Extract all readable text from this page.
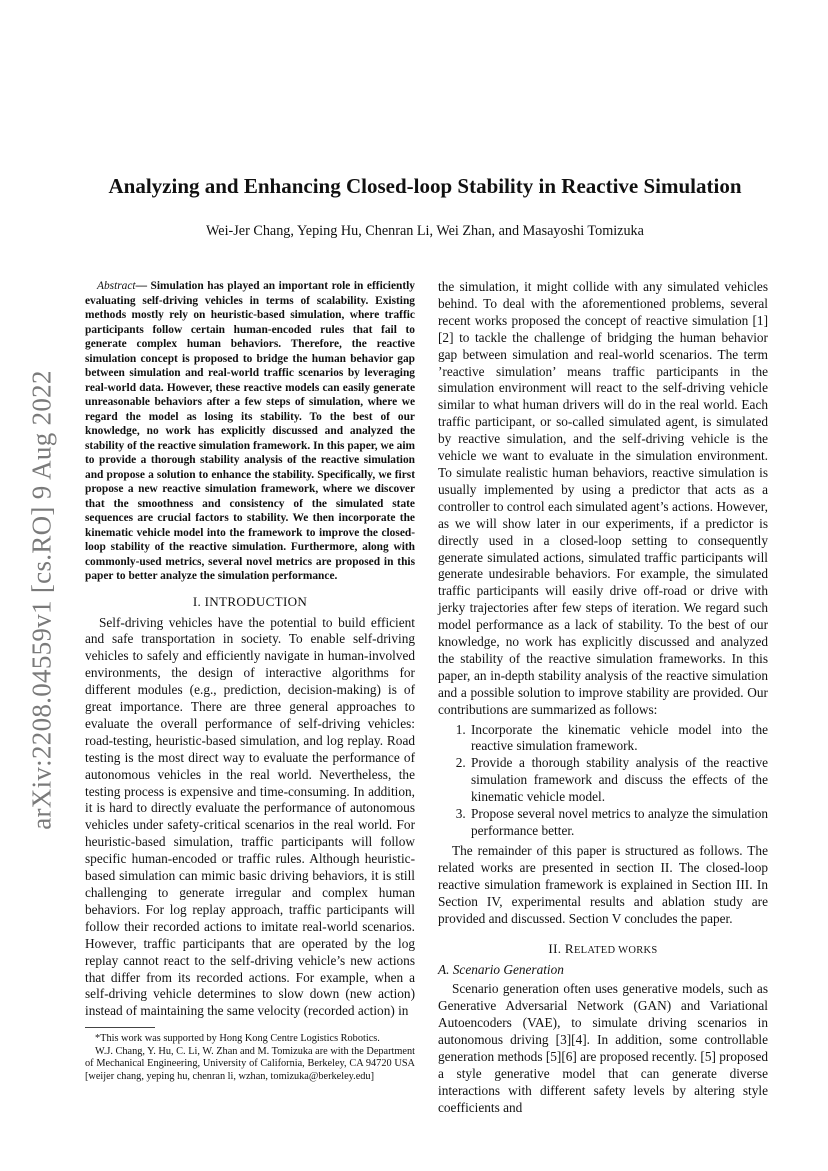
arXiv:2208.04559v1 [cs.RO] 9 Aug 2022
Analyzing and Enhancing Closed-loop Stability in Reactive Simulation
Wei-Jer Chang, Yeping Hu, Chenran Li, Wei Zhan, and Masayoshi Tomizuka

Abstract— Simulation has played an important role in efficiently evaluating self-driving vehicles in terms of scalability. Existing methods mostly rely on heuristic-based simulation, where traffic participants follow certain human-encoded rules that fail to generate complex human behaviors. Therefore, the reactive simulation concept is proposed to bridge the human behavior gap between simulation and real-world traffic scenarios by leveraging real-world data. However, these reactive models can easily generate unreasonable behaviors after a few steps of simulation, where we regard the model as losing its stability. To the best of our knowledge, no work has explicitly discussed and analyzed the stability of the reactive simulation framework. In this paper, we aim to provide a thorough stability analysis of the reactive simulation and propose a solution to enhance the stability. Specifically, we first propose a new reactive simulation framework, where we discover that the smoothness and consistency of the simulated state sequences are crucial factors to stability. We then incorporate the kinematic vehicle model into the framework to improve the closed-loop stability of the reactive simulation. Furthermore, along with commonly-used metrics, several novel metrics are proposed in this paper to better analyze the simulation performance.

I. INTRODUCTION

Self-driving vehicles have the potential to build efficient and safe transportation in society. To enable self-driving vehicles to safely and efficiently navigate in human-involved environments, the design of interactive algorithms for different modules (e.g., prediction, decision-making) is of great importance. There are three general approaches to evaluate the overall performance of self-driving vehicles: road-testing, heuristic-based simulation, and log replay. Road testing is the most direct way to evaluate the performance of autonomous vehicles in the real world. Nevertheless, the testing process is expensive and time-consuming. In addition, it is hard to directly evaluate the performance of autonomous vehicles under safety-critical scenarios in the real world. For heuristic-based simulation, traffic participants will follow specific human-encoded or traffic rules. Although heuristic-based simulation can mimic basic driving behaviors, it is still challenging to generate irregular and complex human behaviors. For log replay approach, traffic participants will follow their recorded actions to imitate real-world scenarios. However, traffic participants that are operated by the log replay cannot react to the self-driving vehicle’s new actions that differ from its recorded actions. For example, when a self-driving vehicle determines to slow down (new action) instead of maintaining the same velocity (recorded action) in

the simulation, it might collide with any simulated vehicles behind. To deal with the aforementioned problems, several recent works proposed the concept of reactive simulation [1][2] to tackle the challenge of bridging the human behavior gap between simulation and real-world scenarios. The term ’reactive simulation’ means traffic participants in the simulation environment will react to the self-driving vehicle similar to what human drivers will do in the real world. Each traffic participant, or so-called simulated agent, is simulated by reactive simulation, and the self-driving vehicle is the vehicle we want to evaluate in the simulation environment. To simulate realistic human behaviors, reactive simulation is usually implemented by using a predictor that acts as a controller to control each simulated agent’s actions. However, as we will show later in our experiments, if a predictor is directly used in a closed-loop setting to consequently generate simulated actions, simulated traffic participants will generate undesirable behaviors. For example, the simulated traffic participants will easily drive off-road or drive with jerky trajectories after few steps of iteration. We regard such model performance as a lack of stability. To the best of our knowledge, no work has explicitly discussed and analyzed the stability of the reactive simulation frameworks. In this paper, an in-depth stability analysis of the reactive simulation and a possible solution to improve stability are provided. Our contributions are summarized as follows:

1. Incorporate the kinematic vehicle model into the reactive simulation framework.
2. Provide a thorough stability analysis of the reactive simulation framework and discuss the effects of the kinematic vehicle model.
3. Propose several novel metrics to analyze the simulation performance better.

The remainder of this paper is structured as follows. The related works are presented in section II. The closed-loop reactive simulation framework is explained in Section III. In Section IV, experimental results and ablation study are provided and discussed. Section V concludes the paper.

II. RELATED WORKS
A. Scenario Generation

Scenario generation often uses generative models, such as Generative Adversarial Network (GAN) and Variational Autoencoders (VAE), to simulate driving scenarios in autonomous driving [3][4]. In addition, some controllable generation methods [5][6] are proposed recently. [5] proposed a style generative model that can generate diverse interactions with different safety levels by altering style coefficients and

*This work was supported by Hong Kong Centre Logistics Robotics.

W.J. Chang, Y. Hu, C. Li, W. Zhan and M. Tomizuka are with the Department of Mechanical Engineering, University of California, Berkeley, CA 94720 USA [weijer chang, yeping hu, chenran li, wzhan, tomizuka@berkeley.edu]
